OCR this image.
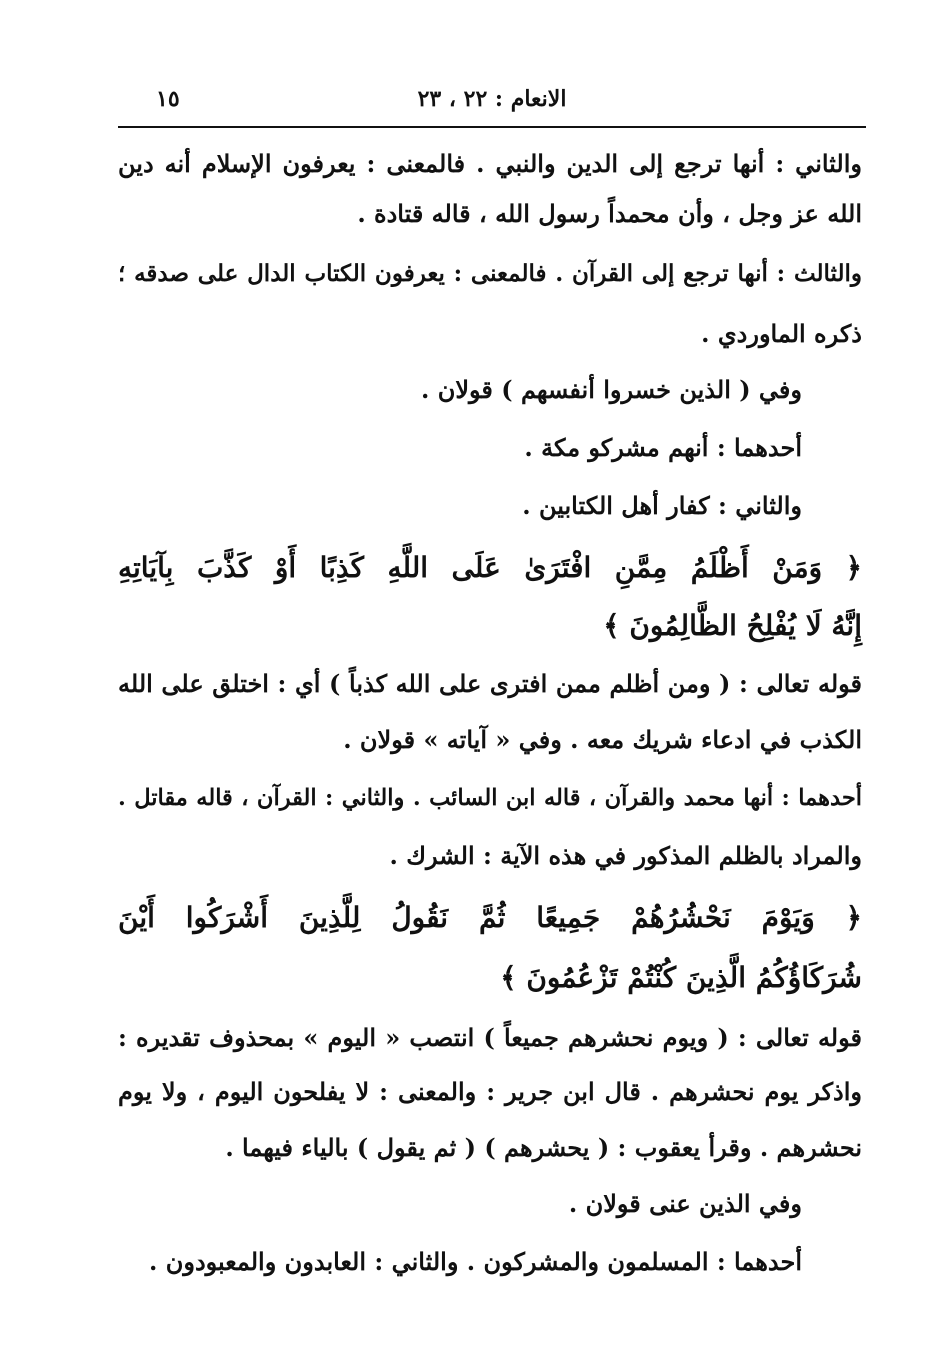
الانعام : ٢٢ ، ٢٣
١٥
والثاني : أنها ترجع إلى الدين والنبي . فالمعنى : يعرفون الإسلام أنه دين
الله عز وجل ، وأن محمداً رسول الله ، قاله قتادة .
والثالث : أنها ترجع إلى القرآن . فالمعنى : يعرفون الكتاب الدال على صدقه ؛
ذكره الماوردي .
وفي ( الذين خسروا أنفسهم ) قولان .
أحدهما : أنهم مشركو مكة .
والثاني : كفار أهل الكتابين .
﴿ وَمَنْ أَظْلَمُ مِمَّنِ افْتَرَىٰ عَلَى اللَّهِ كَذِبًا أَوْ كَذَّبَ بِآيَاتِهِ
إِنَّهُ لَا يُفْلِحُ الظَّالِمُونَ ﴾
قوله تعالى : ( ومن أظلم ممن افترى على الله كذباً ) أي : اختلق على الله
الكذب في ادعاء شريك معه . وفي « آياته » قولان .
أحدهما : أنها محمد والقرآن ، قاله ابن السائب . والثاني : القرآن ، قاله مقاتل .
والمراد بالظلم المذكور في هذه الآية : الشرك .
﴿ وَيَوْمَ نَحْشُرُهُمْ جَمِيعًا ثُمَّ نَقُولُ لِلَّذِينَ أَشْرَكُوا أَيْنَ
شُرَكَاؤُكُمُ الَّذِينَ كُنْتُمْ تَزْعُمُونَ ﴾
قوله تعالى : ( ويوم نحشرهم جميعاً ) انتصب « اليوم » بمحذوف تقديره :
واذكر يوم نحشرهم . قال ابن جرير : والمعنى : لا يفلحون اليوم ، ولا يوم
نحشرهم . وقرأ يعقوب : ( يحشرهم ) ( ثم يقول ) بالياء فيهما .
وفي الذين عنى قولان .
أحدهما : المسلمون والمشركون . والثاني : العابدون والمعبودون .
